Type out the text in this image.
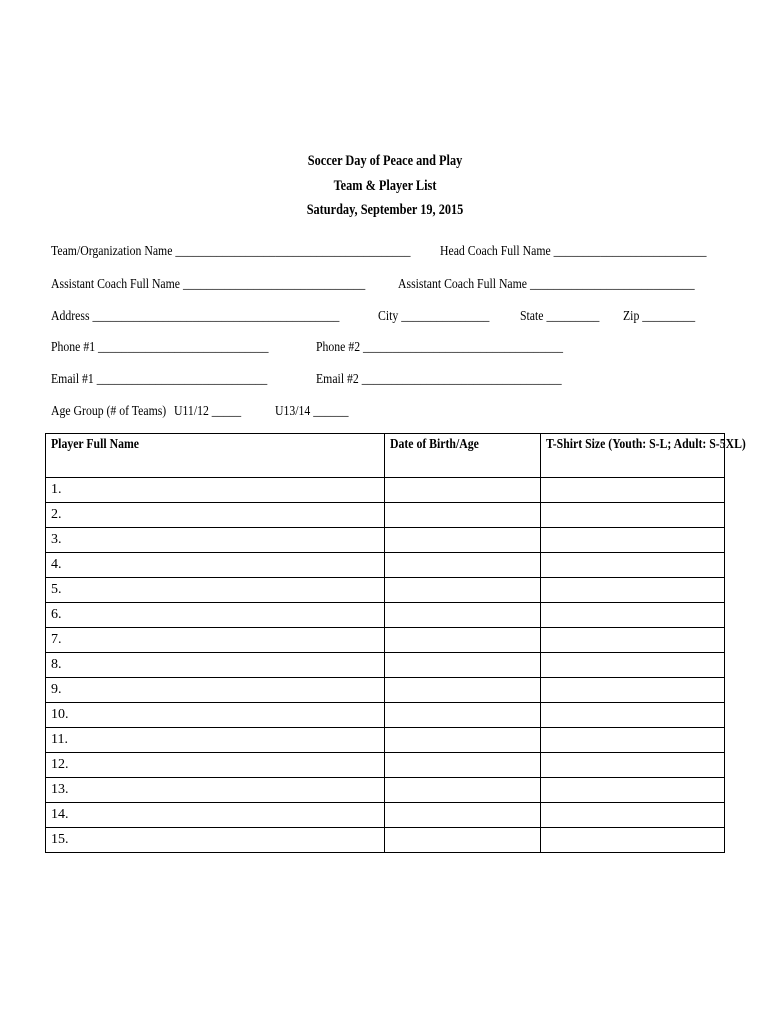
Soccer Day of Peace and Play
Team & Player List
Saturday, September 19, 2015
Team/Organization Name ________________________________________ Head Coach Full Name __________________________
Assistant Coach Full Name _______________________________ Assistant Coach Full Name ____________________________
Address __________________________________________	City _______________ State _________ Zip _________
Phone #1 _____________________________	Phone #2 __________________________________
Email #1 _____________________________	Email #2 __________________________________
Age Group (# of Teams) U11/12 _____ U13/14 ______
Player Full Name	Date of Birth/Age	T-Shirt Size (Youth: S-L; Adult: S-5XL)
1.		
2.		
3.		
4.		
5.		
6.		
7.		
8.		
9.		
10.		
11.		
12.		
13.		
14.		
15.		
